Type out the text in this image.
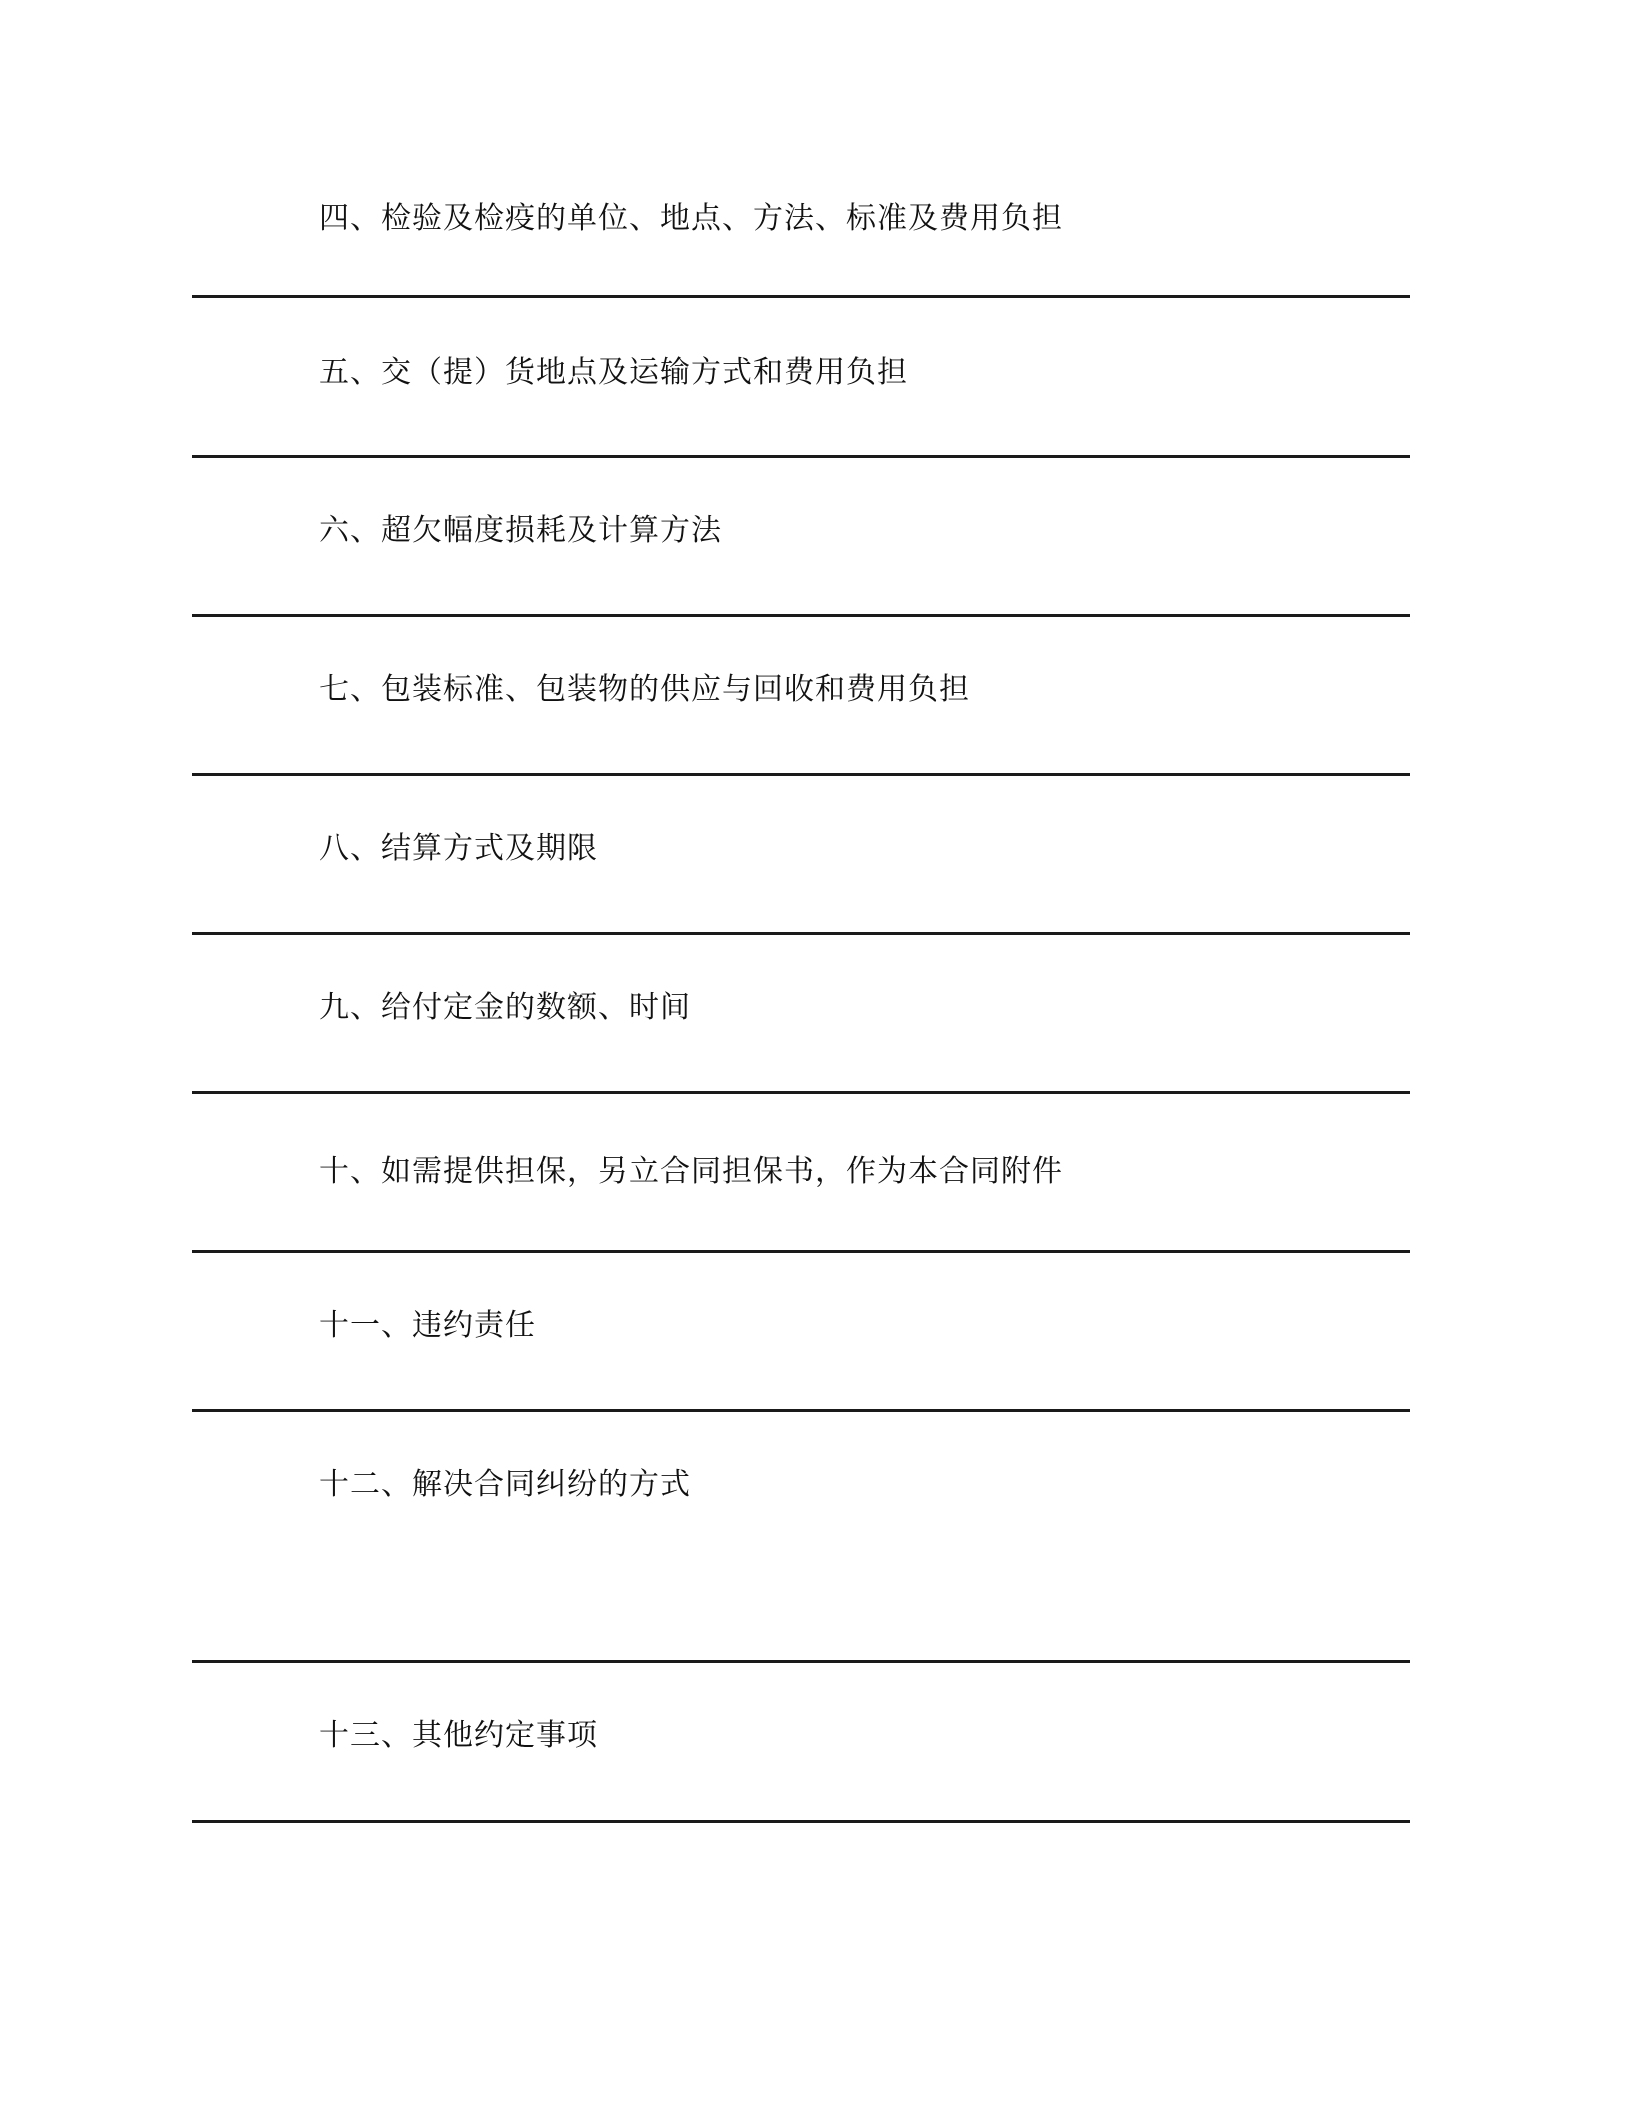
四、检验及检疫的单位、地点、方法、标准及费用负担
五、交（提）货地点及运输方式和费用负担
六、超欠幅度损耗及计算方法
七、包装标准、包装物的供应与回收和费用负担
八、结算方式及期限
九、给付定金的数额、时间
十、如需提供担保，另立合同担保书，作为本合同附件
十一、违约责任
十二、解决合同纠纷的方式
十三、其他约定事项
